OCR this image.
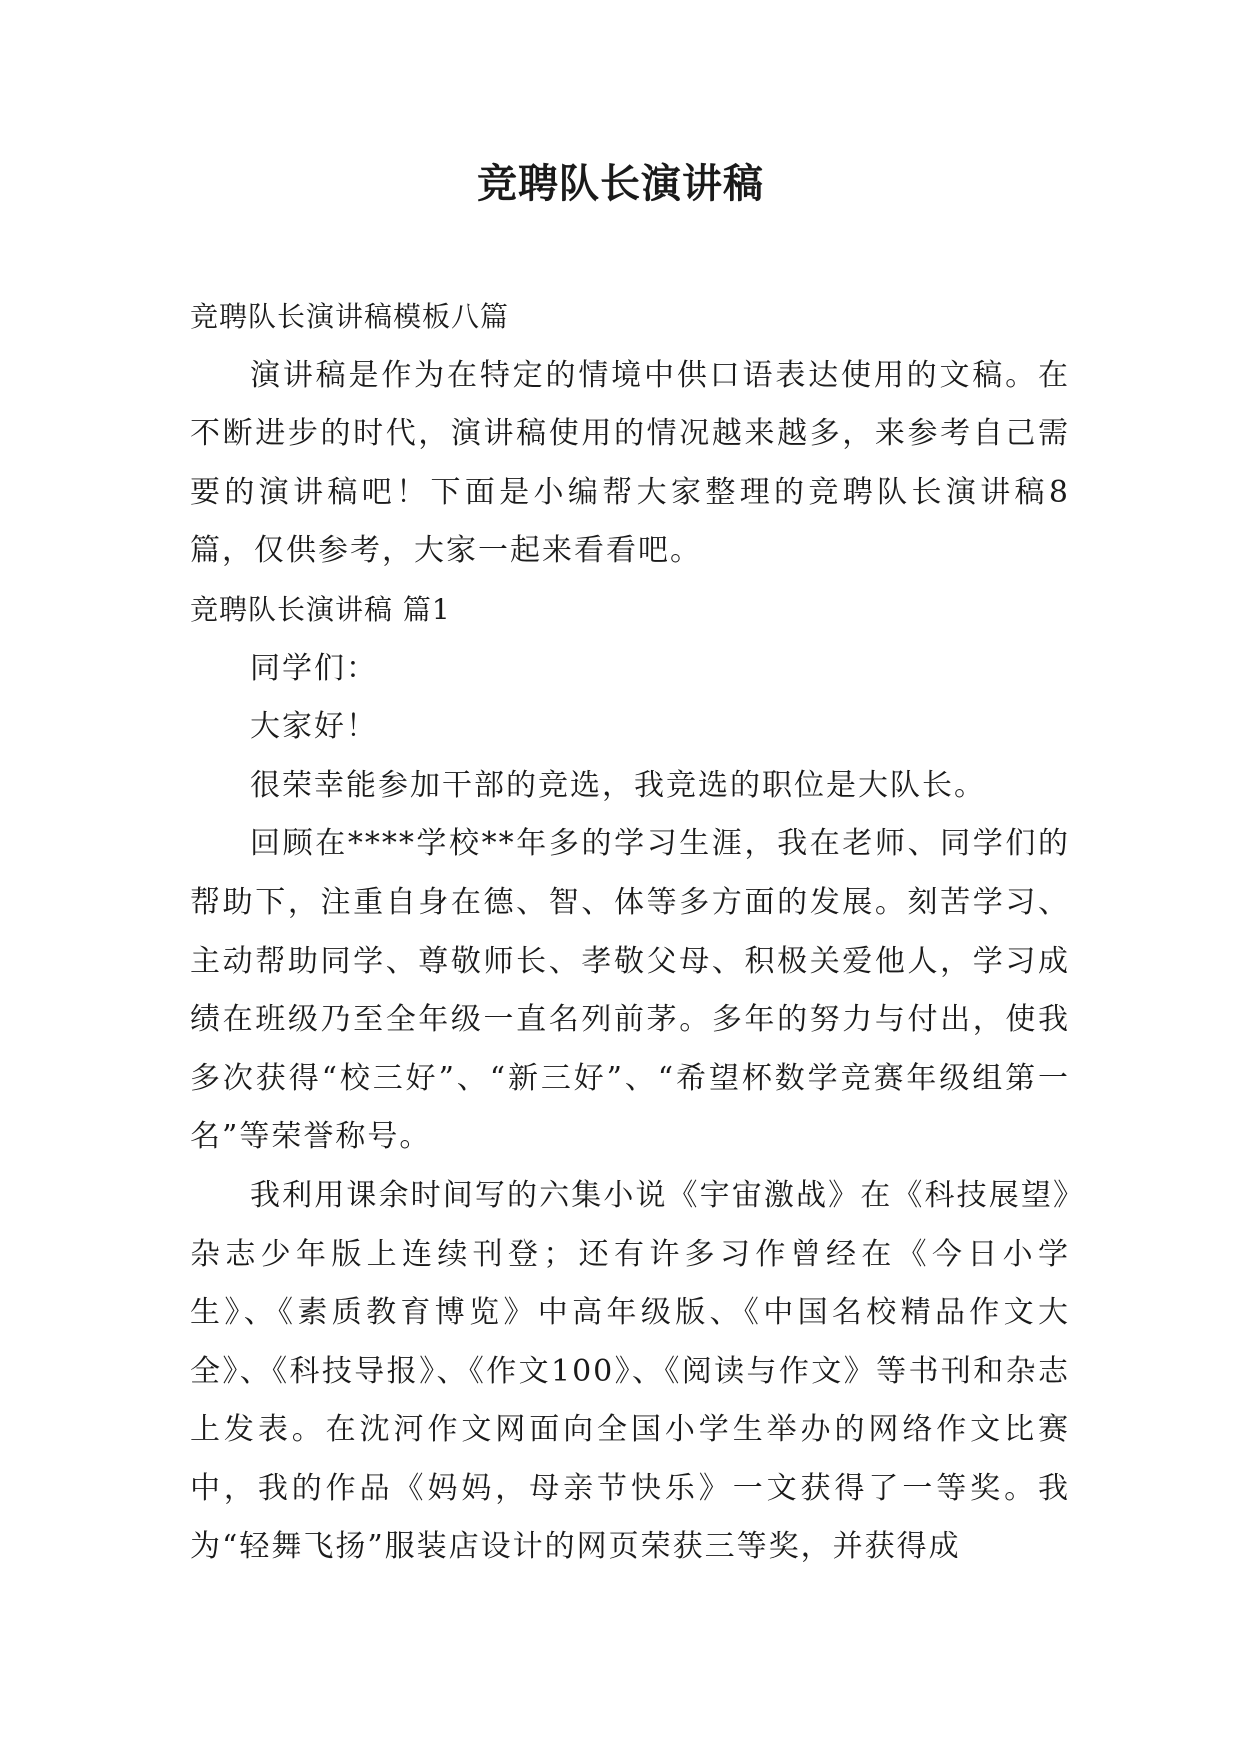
竞聘队长演讲稿

竞聘队长演讲稿模板八篇

演讲稿是作为在特定的情境中供口语表达使用的文稿。在不断进步的时代，演讲稿使用的情况越来越多，来参考自己需要的演讲稿吧！下面是小编帮大家整理的竞聘队长演讲稿8篇，仅供参考，大家一起来看看吧。

竞聘队长演讲稿 篇1

同学们：

大家好！

很荣幸能参加干部的竞选，我竞选的职位是大队长。

回顾在****学校**年多的学习生涯，我在老师、同学们的帮助下，注重自身在德、智、体等多方面的发展。刻苦学习、主动帮助同学、尊敬师长、孝敬父母、积极关爱他人，学习成绩在班级乃至全年级一直名列前茅。多年的努力与付出，使我多次获得“校三好”、“新三好”、“希望杯数学竞赛年级组第一名”等荣誉称号。

我利用课余时间写的六集小说《宇宙激战》在《科技展望》杂志少年版上连续刊登；还有许多习作曾经在《今日小学生》、《素质教育博览》中高年级版、《中国名校精品作文大全》、《科技导报》、《作文100》、《阅读与作文》等书刊和杂志上发表。在沈河作文网面向全国小学生举办的网络作文比赛中，我的作品《妈妈，母亲节快乐》一文获得了一等奖。我为“轻舞飞扬”服装店设计的网页荣获三等奖，并获得成
